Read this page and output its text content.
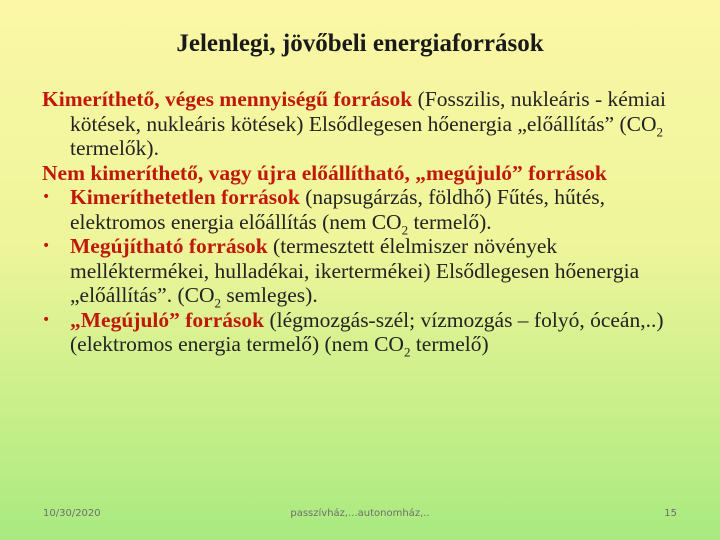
Jelenlegi, jövőbeli energiaforrások

Kimeríthető, véges mennyiségű források (Fosszilis, nukleáris - kémiai kötések, nukleáris kötések) Elsődlegesen hőenergia „előállítás” ($CO_2$ termelők).

Nem kimeríthető, vagy újra előállítható, „megújuló” források

• Kimeríthetetlen források (napsugárzás, földhő) Fűtés, hűtés, elektromos energia előállítás (nem $CO_2$ termelő).

• Megújítható források (termesztett élelmiszer növények melléktermékei, hulladékai, ikertermékei) Elsődlegesen hőenergia „előállítás”. ($CO_2$ semleges).

• „Megújuló” források (légmozgás-szél; vízmozgás – folyó, óceán,..) (elektromos energia termelő) (nem $CO_2$ termelő)

10/30/2020	passzívház,...autonomház,..	15
